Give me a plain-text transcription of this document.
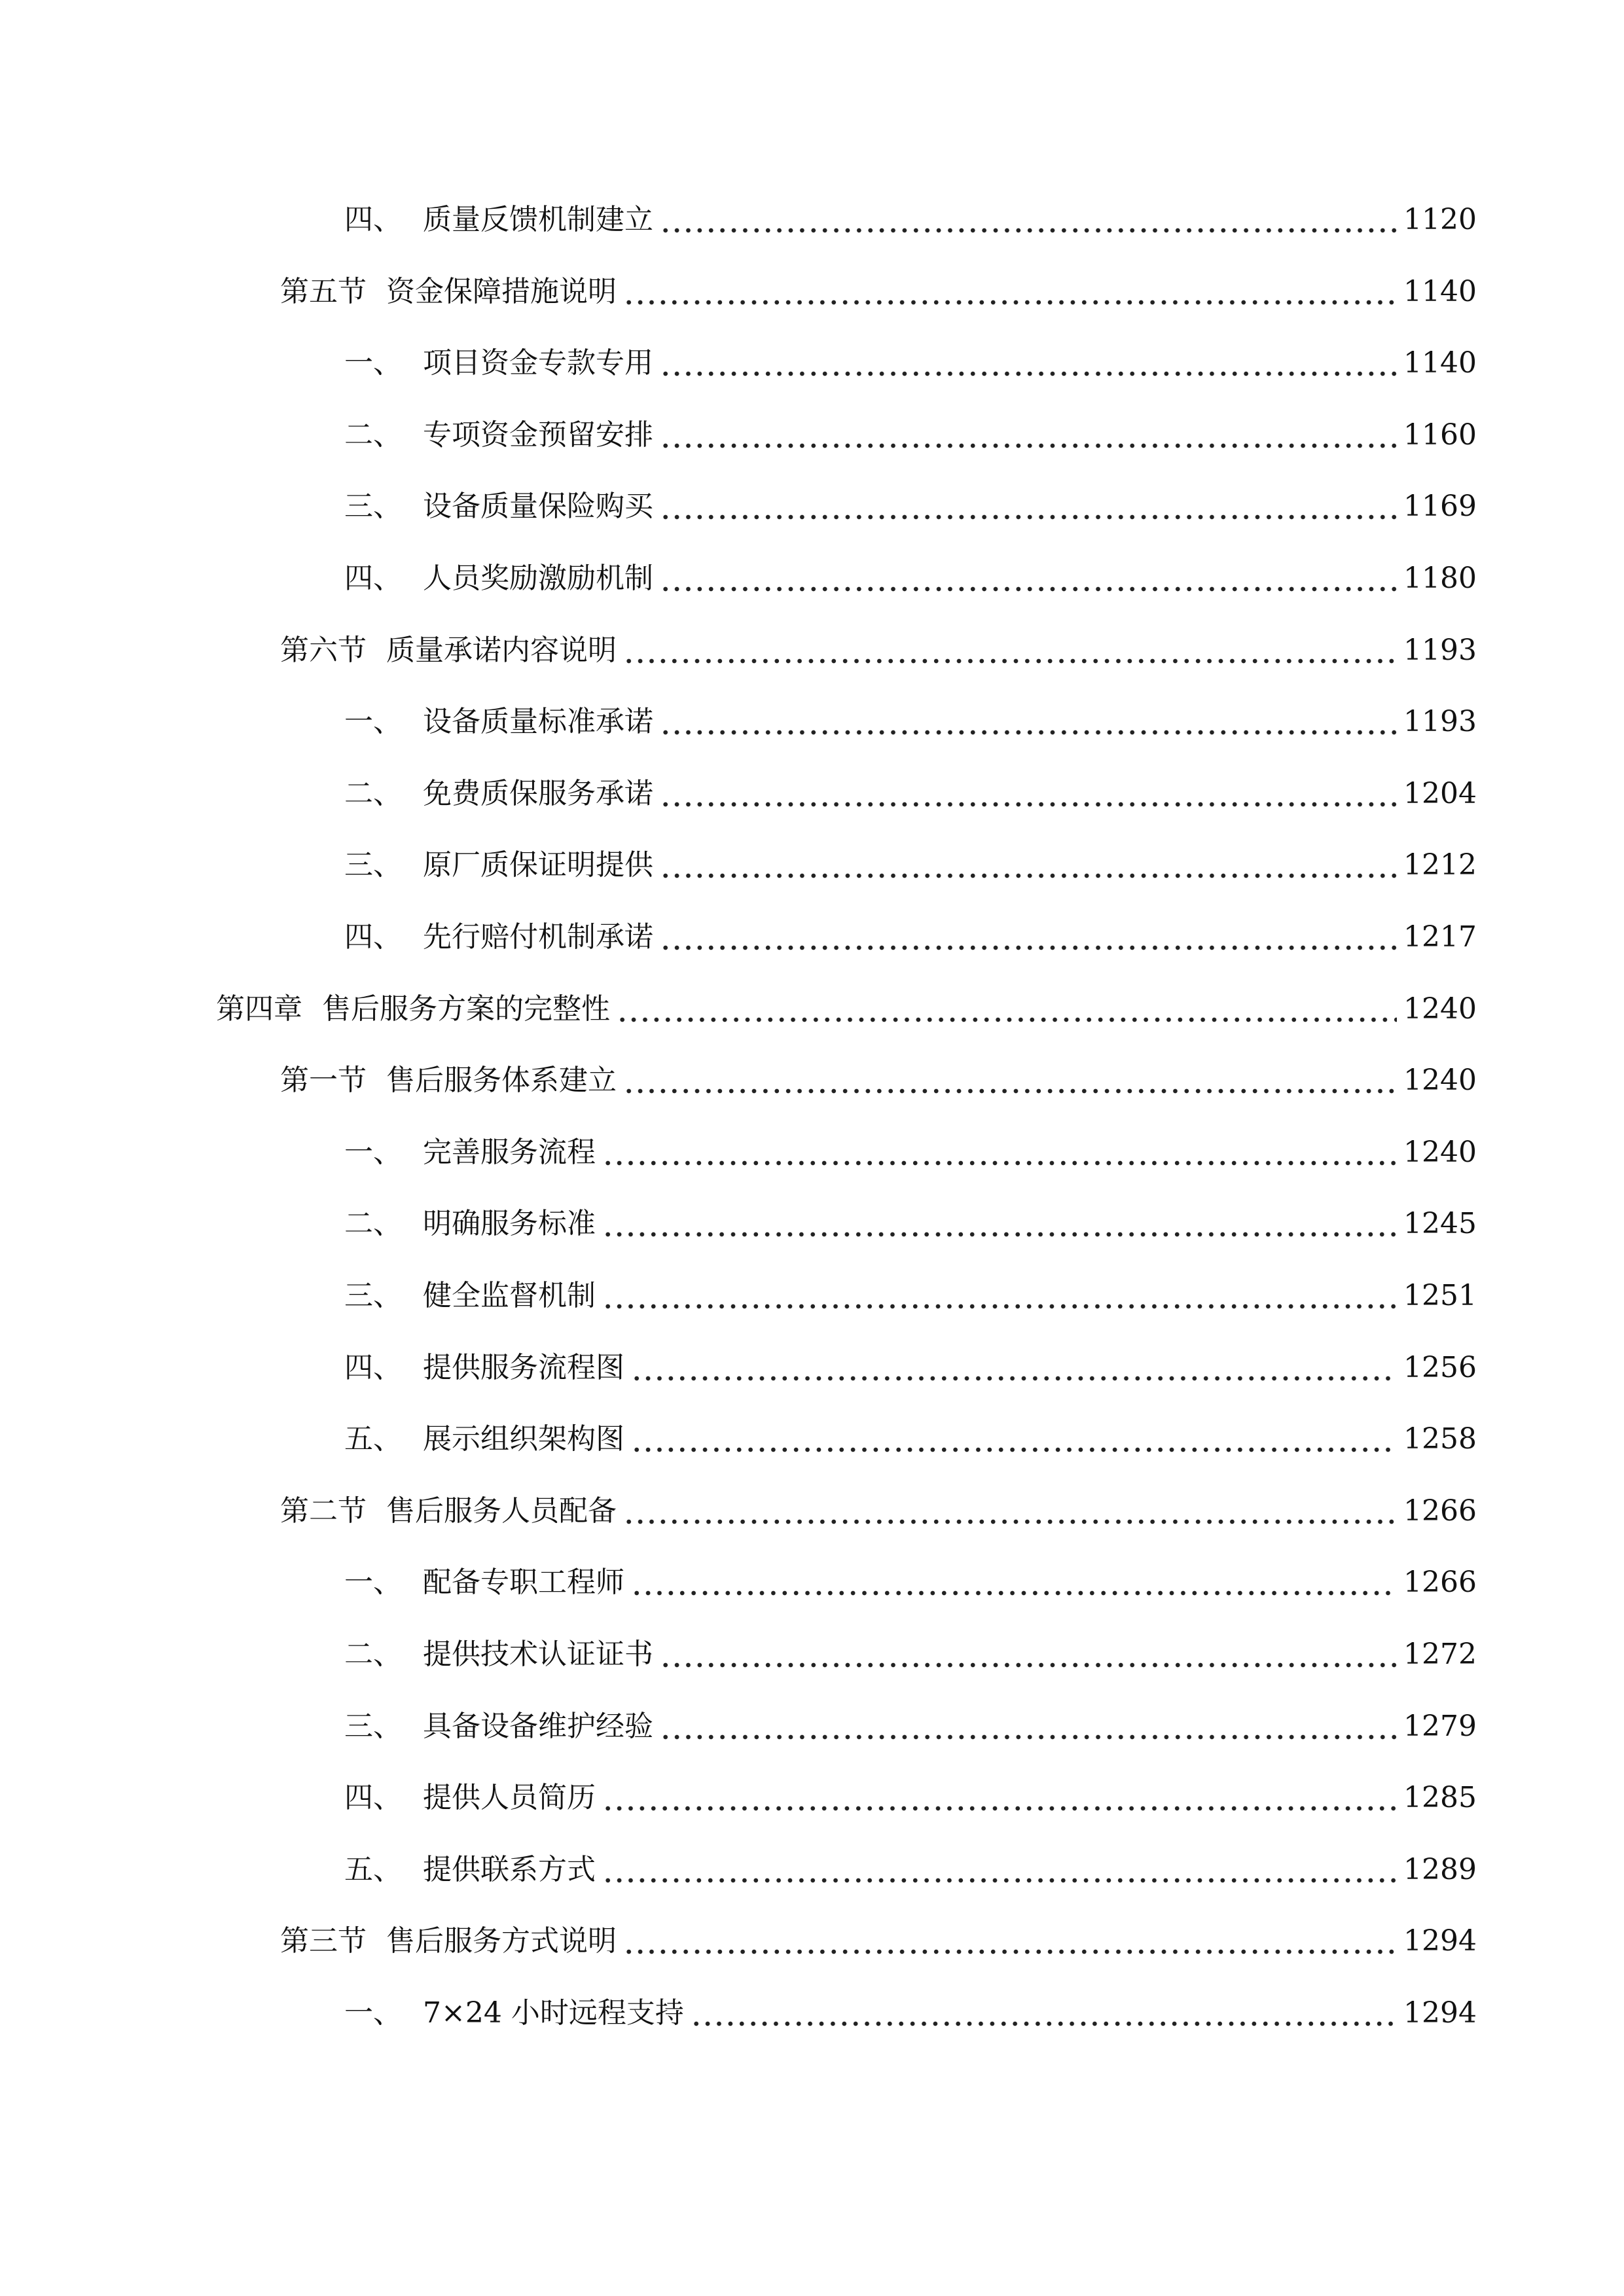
四、 质量反馈机制建立	1120
第五节 资金保障措施说明	1140
一、 项目资金专款专用	1140
二、 专项资金预留安排	1160
三、 设备质量保险购买	1169
四、 人员奖励激励机制	1180
第六节 质量承诺内容说明	1193
一、 设备质量标准承诺	1193
二、 免费质保服务承诺	1204
三、 原厂质保证明提供	1212
四、 先行赔付机制承诺	1217
第四章 售后服务方案的完整性	1240
第一节 售后服务体系建立	1240
一、 完善服务流程	1240
二、 明确服务标准	1245
三、 健全监督机制	1251
四、 提供服务流程图	1256
五、 展示组织架构图	1258
第二节 售后服务人员配备	1266
一、 配备专职工程师	1266
二、 提供技术认证证书	1272
三、 具备设备维护经验	1279
四、 提供人员简历	1285
五、 提供联系方式	1289
第三节 售后服务方式说明	1294
一、 7×24 小时远程支持	1294
